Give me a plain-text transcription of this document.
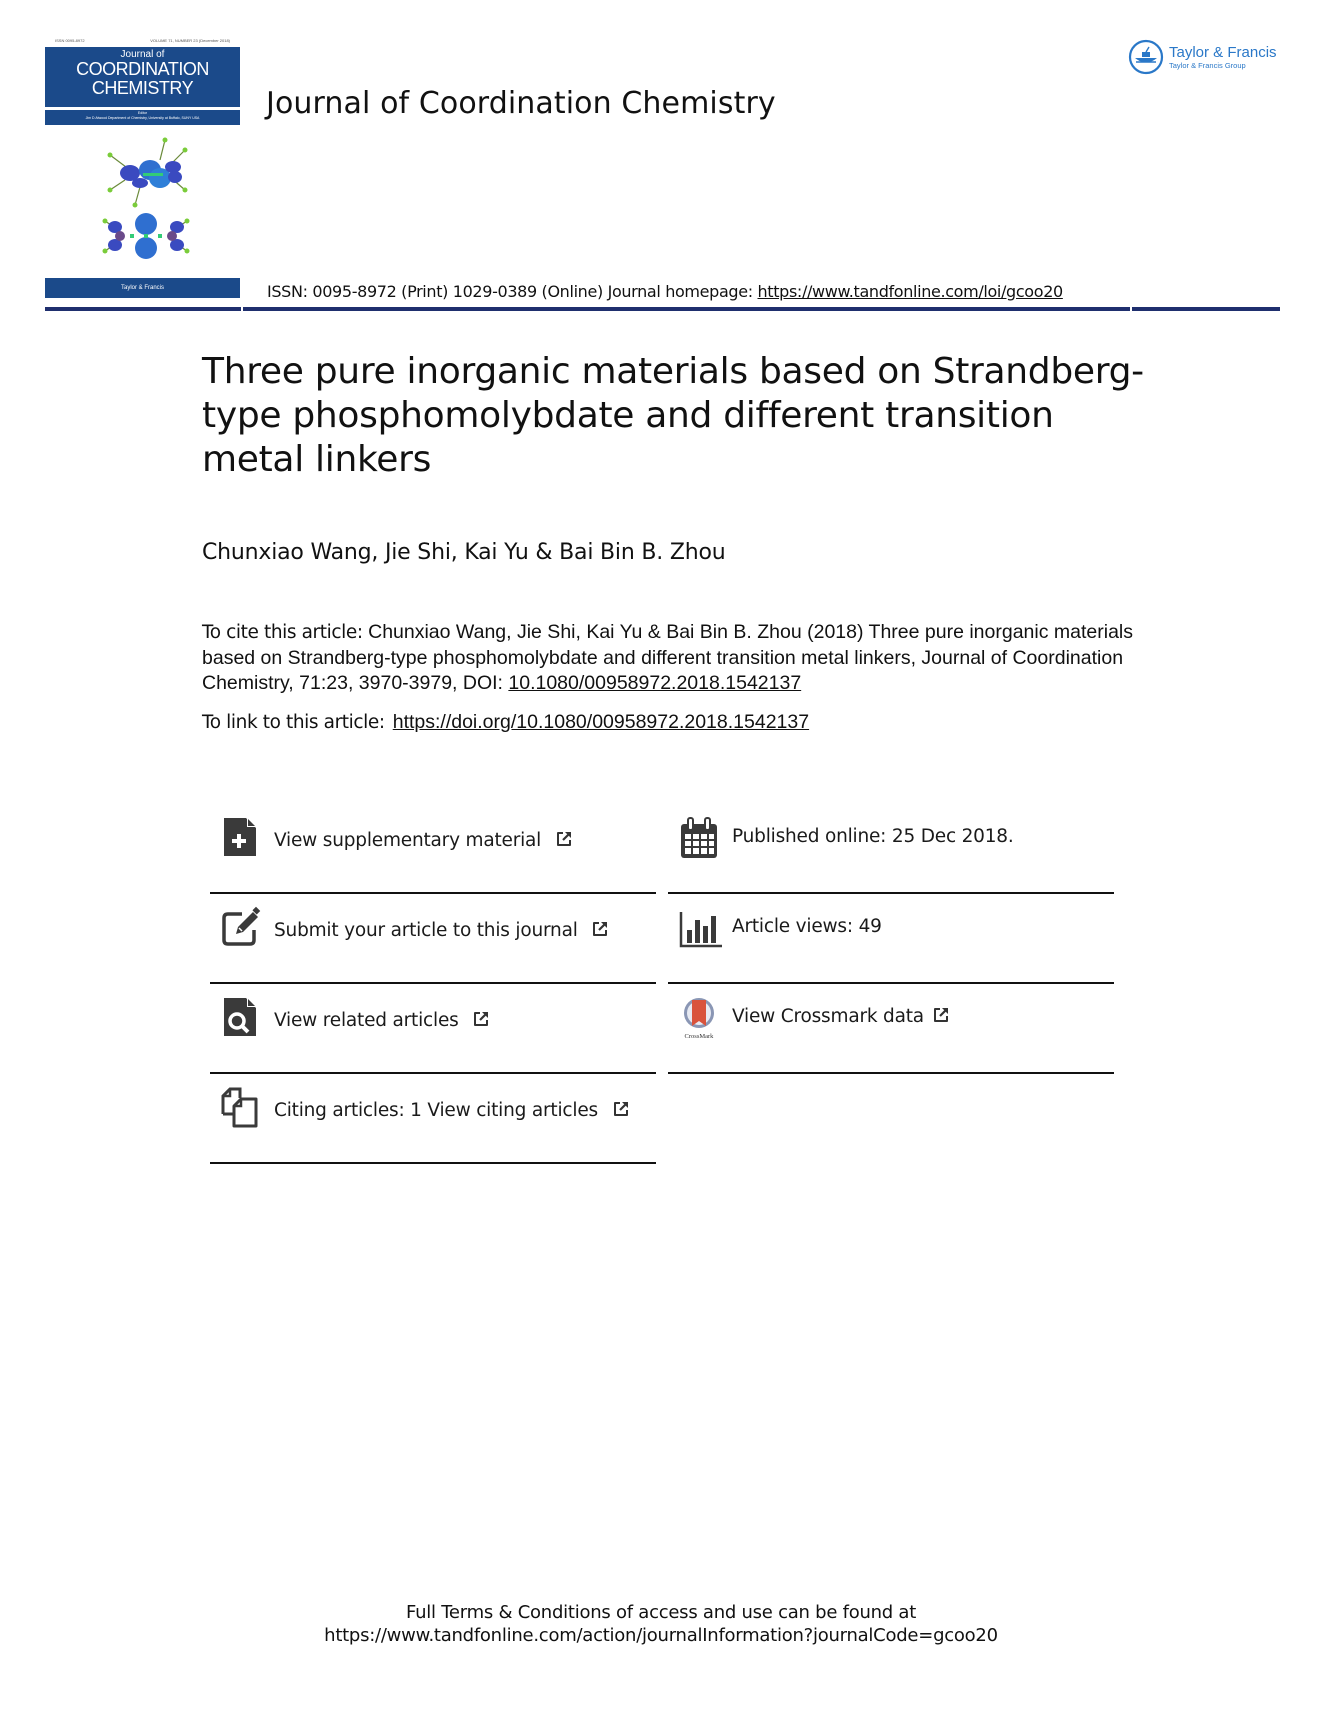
ISSN 0095-8972	VOLUME 71, NUMBER 23 (December 2018)
Journal of
COORDINATION
CHEMISTRY
Editor
Jim D Atwood Department of Chemistry, University at Buffalo, SUNY USA
Taylor & Francis
Taylor & Francis
Taylor & Francis Group
Journal of Coordination Chemistry
ISSN: 0095-8972 (Print) 1029-0389 (Online) Journal homepage: https://www.tandfonline.com/loi/gcoo20
Three pure inorganic materials based on Strandberg-type phosphomolybdate and different transition metal linkers
Chunxiao Wang, Jie Shi, Kai Yu & Bai Bin B. Zhou
To cite this article: Chunxiao Wang, Jie Shi, Kai Yu & Bai Bin B. Zhou (2018) Three pure inorganic materials based on Strandberg-type phosphomolybdate and different transition metal linkers, Journal of Coordination Chemistry, 71:23, 3970-3979, DOI: 10.1080/00958972.2018.1542137
To link to this article: https://doi.org/10.1080/00958972.2018.1542137
View supplementary material
Submit your article to this journal
View related articles
Citing articles: 1 View citing articles
Published online: 25 Dec 2018.
Article views: 49
CrossMark
View Crossmark data
Full Terms & Conditions of access and use can be found at
https://www.tandfonline.com/action/journalInformation?journalCode=gcoo20
